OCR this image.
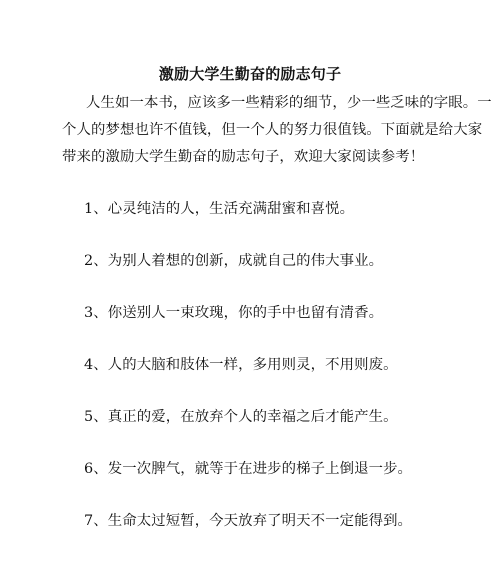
激励大学生勤奋的励志句子
人生如一本书，应该多一些精彩的细节，少一些乏味的字眼。一
个人的梦想也许不值钱，但一个人的努力很值钱。下面就是给大家
带来的激励大学生勤奋的励志句子，欢迎大家阅读参考！
1、心灵纯洁的人，生活充满甜蜜和喜悦。
2、为别人着想的创新，成就自己的伟大事业。
3、你送别人一束玫瑰，你的手中也留有清香。
4、人的大脑和肢体一样，多用则灵，不用则废。
5、真正的爱，在放弃个人的幸福之后才能产生。
6、发一次脾气，就等于在进步的梯子上倒退一步。
7、生命太过短暂，今天放弃了明天不一定能得到。
